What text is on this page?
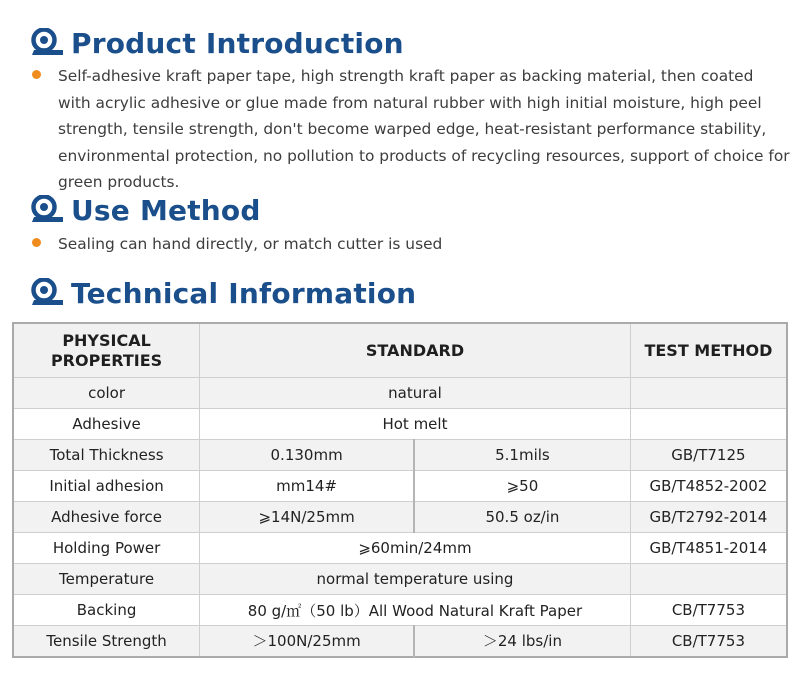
Product Introduction

Self-adhesive kraft paper tape, high strength kraft paper as backing material, then coated with acrylic adhesive or glue made from natural rubber with high initial moisture, high peel strength, tensile strength, don't become warped edge, heat-resistant performance stability, environmental protection, no pollution to products of recycling resources, support of choice for green products.

Use Method

Sealing can hand directly, or match cutter is used

Technical Information
PHYSICAL
PROPERTIES	STANDARD		TEST METHOD
color	natural		
Adhesive	Hot melt		
Total Thickness	0.130mm	5.1mils	GB/T7125
Initial adhesion	mm14#	⩾50	GB/T4852-2002
Adhesive force	⩾14N/25mm	50.5 oz/in	GB/T2792-2014
Holding Power	⩾60min/24mm		GB/T4851-2014
Temperature	normal temperature using		
Backing	80 g/㎡（50 lb）All Wood Natural Kraft Paper		CB/T7753
Tensile Strength	＞100N/25mm	＞24 lbs/in	CB/T7753
